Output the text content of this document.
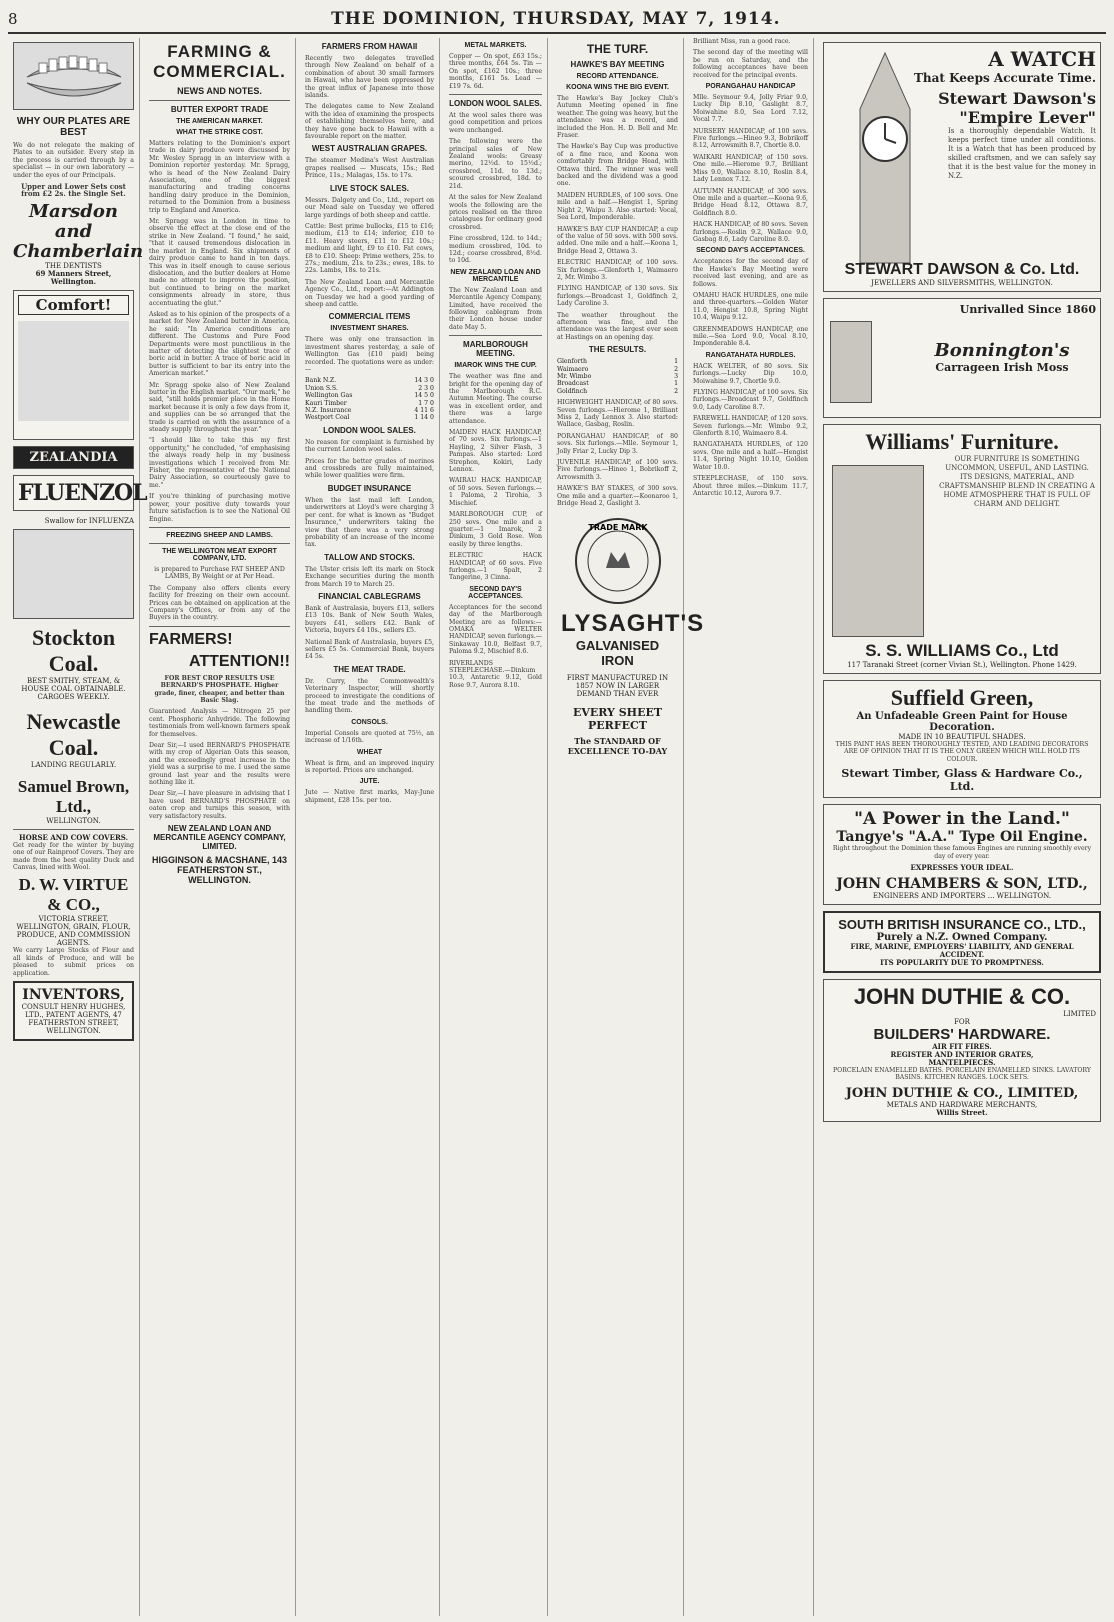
8	THE DOMINION, THURSDAY, MAY 7, 1914.
WHY OUR PLATES ARE BEST

We do not relegate the making of Plates to an outsider. Every step in the process is carried through by a specialist — in our own laboratory — under the eyes of our Principals.

Upper and Lower Sets cost from £2 2s. the Single Set.

Marsdon and Chamberlain
THE DENTISTS
69 Manners Street, Wellington.
Comfort!
ZEALANDIA
FLUENZOL
Swallow for INFLUENZA
Stockton Coal.
BEST SMITHY, STEAM, & HOUSE COAL OBTAINABLE. CARGOES WEEKLY.
Newcastle Coal.
LANDING REGULARLY.
Samuel Brown, Ltd.,
WELLINGTON.
HORSE AND COW COVERS.

Get ready for the winter by buying one of our Rainproof Covers. They are made from the best quality Duck and Canvas, lined with Wool.

D. W. VIRTUE & CO.,
VICTORIA STREET, WELLINGTON, GRAIN, FLOUR, PRODUCE, AND COMMISSION AGENTS.

We carry Large Stocks of Flour and all kinds of Produce, and will be pleased to submit prices on application.

INVENTORS,
CONSULT HENRY HUGHES, LTD., PATENT AGENTS, 47 FEATHERSTON STREET, WELLINGTON.
FARMING & COMMERCIAL.
NEWS AND NOTES.
BUTTER EXPORT TRADE
THE AMERICAN MARKET.
WHAT THE STRIKE COST.

Matters relating to the Dominion's export trade in dairy produce were discussed by Mr. Wesley Spragg in an interview with a Dominion reporter yesterday. Mr. Spragg, who is head of the New Zealand Dairy Association, one of the biggest manufacturing and trading concerns handling dairy produce in the Dominion, returned to the Dominion from a business trip to England and America.

Mr. Spragg was in London in time to observe the effect at the close end of the strike in New Zealand. "I found," he said, "that it caused tremendous dislocation in the market in England. Six shipments of dairy produce came to hand in ten days. This was in itself enough to cause serious dislocation, and the butter dealers at Home made no attempt to improve the position, but continued to bring on the market consignments already in store, thus accentuating the glut."

Asked as to his opinion of the prospects of a market for New Zealand butter in America, he said: "In America conditions are different. The Customs and Pure Food Departments were most punctilious in the matter of detecting the slightest trace of boric acid in butter. A trace of boric acid in butter is sufficient to bar its entry into the American market."

Mr. Spragg spoke also of New Zealand butter in the English market. "Our mark," he said, "still holds premier place in the Home market because it is only a few days from it, and supplies can be so arranged that the trade is carried on with the assurance of a steady supply throughout the year."

"I should like to take this my first opportunity," he concluded, "of emphasising the always ready help in my business investigations which I received from Mr. Fisher, the representative of the National Dairy Association, so courteously gave to me."

If you're thinking of purchasing motive power, your positive duty towards your future satisfaction is to see the National Oil Engine.

FREEZING SHEEP AND LAMBS.
THE WELLINGTON MEAT EXPORT COMPANY, LTD.

is prepared to Purchase FAT SHEEP AND LAMBS, By Weight or at Per Head.

The Company also offers clients every facility for freezing on their own account. Prices can be obtained on application at the Company's Offices, or from any of the Buyers in the country.

FARMERS!
ATTENTION!!

FOR BEST CROP RESULTS USE BERNARD'S PHOSPHATE. Higher grade, finer, cheaper, and better than Basic Slag.

Guaranteed Analysis — Nitrogen 25 per cent. Phosphoric Anhydride. The following testimonials from well-known farmers speak for themselves.

Dear Sir,—I used BERNARD'S PHOSPHATE with my crop of Algerian Oats this season, and the exceedingly great increase in the yield was a surprise to me. I used the same ground last year and the results were nothing like it.

Dear Sir,—I have pleasure in advising that I have used BERNARD'S PHOSPHATE on oaten crop and turnips this season, with very satisfactory results.

NEW ZEALAND LOAN AND MERCANTILE AGENCY COMPANY, LIMITED.
HIGGINSON & MACSHANE, 143 FEATHERSTON ST., WELLINGTON.
FARMERS FROM HAWAII

Recently two delegates travelled through New Zealand on behalf of a combination of about 30 small farmers in Hawaii, who have been oppressed by the great influx of Japanese into those islands.

The delegates came to New Zealand with the idea of examining the prospects of establishing themselves here, and they have gone back to Hawaii with a favourable report on the matter.

WEST AUSTRALIAN GRAPES.

The steamer Medina's West Australian grapes realised — Muscats, 15s.; Red Prince, 11s.; Malagas, 15s. to 17s.

LIVE STOCK SALES.

Messrs. Dalgety and Co., Ltd., report on our Mead sale on Tuesday we offered large yardings of both sheep and cattle.

Cattle: Best prime bullocks, £15 to £16; medium, £13 to £14; inferior, £10 to £11. Heavy steers, £11 to £12 10s.; medium and light, £9 to £10. Fat cows, £8 to £10. Sheep: Prime wethers, 25s. to 27s.; medium, 21s. to 23s.; ewes, 18s. to 22s. Lambs, 18s. to 21s.

The New Zealand Loan and Mercantile Agency Co., Ltd., report:—At Addington on Tuesday we had a good yarding of sheep and cattle.

COMMERCIAL ITEMS
INVESTMENT SHARES.

There was only one transaction in investment shares yesterday, a sale of Wellington Gas (£10 paid) being recorded. The quotations were as under:—

Bank N.Z.	14 3 0
Union S.S.	2 3 0
Wellington Gas	14 5 0
Kauri Timber	1 7 0
N.Z. Insurance	4 11 6
Westport Coal	1 14 0
LONDON WOOL SALES.

No reason for complaint is furnished by the current London wool sales.

Prices for the better grades of merinos and crossbreds are fully maintained, while lower qualities were firm.

BUDGET INSURANCE

When the last mail left London, underwriters at Lloyd's were charging 3 per cent. for what is known as "Budget Insurance," underwriters taking the view that there was a very strong probability of an increase of the income tax.

TALLOW AND STOCKS.

The Ulster crisis left its mark on Stock Exchange securities during the month from March 19 to March 25.

FINANCIAL CABLEGRAMS

Bank of Australasia, buyers £13, sellers £13 10s. Bank of New South Wales, buyers £41, sellers £42. Bank of Victoria, buyers £4 10s., sellers £5.

National Bank of Australasia, buyers £5, sellers £5 5s. Commercial Bank, buyers £4 5s.

THE MEAT TRADE.

Dr. Curry, the Commonwealth's Veterinary Inspector, will shortly proceed to investigate the conditions of the meat trade and the methods of handling them.

CONSOLS.

Imperial Consols are quoted at 75½, an increase of 1/16th.

WHEAT

Wheat is firm, and an improved inquiry is reported. Prices are unchanged.

JUTE.

Jute — Native first marks, May-June shipment, £28 15s. per ton.

METAL MARKETS.

Copper — On spot, £63 15s.; three months, £64 5s. Tin — On spot, £162 10s.; three months, £161 5s. Lead — £19 7s. 6d.

LONDON WOOL SALES.

At the wool sales there was good competition and prices were unchanged.

The following were the principal sales of New Zealand wools: Greasy merino, 12½d. to 15½d.; crossbred, 11d. to 13d.; scoured crossbred, 18d. to 21d.

At the sales for New Zealand wools the following are the prices realised on the three catalogues for ordinary good crossbred.

Fine crossbred, 12d. to 14d.; medium crossbred, 10d. to 12d.; coarse crossbred, 8½d. to 10d.

NEW ZEALAND LOAN AND MERCANTILE

The New Zealand Loan and Mercantile Agency Company, Limited, have received the following cablegram from their London house under date May 5.

MARLBOROUGH MEETING.
IMAROK WINS THE CUP.

The weather was fine and bright for the opening day of the Marlborough R.C. Autumn Meeting. The course was in excellent order, and there was a large attendance.

MAIDEN HACK HANDICAP, of 70 sovs. Six furlongs.—1 Hayling, 2 Silver Flash, 3 Pampas. Also started: Lord Strephon, Kokiri, Lady Lennox.

WAIRAU HACK HANDICAP, of 50 sovs. Seven furlongs.—1 Paloma, 2 Tirohia, 3 Mischief.

MARLBOROUGH CUP, of 250 sovs. One mile and a quarter.—1 Imarok, 2 Dinkum, 3 Gold Rose. Won easily by three lengths.

ELECTRIC HACK HANDICAP, of 60 sovs. Five furlongs.—1 Spalt, 2 Tangerine, 3 Cinna.

SECOND DAY'S ACCEPTANCES.

Acceptances for the second day of the Marlborough Meeting are as follows:— OMAKA WELTER HANDICAP, seven furlongs.—Sinkaway 10.0, Belfast 9.7, Paloma 9.2, Mischief 8.6.

RIVERLANDS STEEPLECHASE.—Dinkum 10.3, Antarctic 9.12, Gold Rose 9.7, Aurora 8.10.

THE TURF.
HAWKE'S BAY MEETING
RECORD ATTENDANCE.
KOONA WINS THE BIG EVENT.

The Hawke's Bay Jockey Club's Autumn Meeting opened in fine weather. The going was heavy, but the attendance was a record, and included the Hon. H. D. Bell and Mr. Fraser.

The Hawke's Bay Cup was productive of a fine race, and Koona won comfortably from Bridge Head, with Ottawa third. The winner was well backed and the dividend was a good one.

MAIDEN HURDLES, of 100 sovs. One mile and a half.—Hengist 1, Spring Night 2, Waipu 3. Also started: Vocal, Sea Lord, Imponderable.

HAWKE'S BAY CUP HANDICAP, a cup of the value of 50 sovs. with 500 sovs. added. One mile and a half.—Koona 1, Bridge Head 2, Ottawa 3.

ELECTRIC HANDICAP, of 100 sovs. Six furlongs.—Glenforth 1, Waimaero 2, Mr. Wimbo 3.

FLYING HANDICAP, of 130 sovs. Six furlongs.—Broadcast 1, Goldfinch 2, Lady Caroline 3.

The weather throughout the afternoon was fine, and the attendance was the largest ever seen at Hastings on an opening day.

THE RESULTS.
Glenforth	1
Waimaero	2
Mr. Wimbo	3
Broadcast	1
Goldfinch	2

HIGHWEIGHT HANDICAP, of 80 sovs. Seven furlongs.—Hierome 1, Brilliant Miss 2, Lady Lennox 3. Also started: Wallace, Gasbag, Roslin.

PORANGAHAU HANDICAP, of 80 sovs. Six furlongs.—Mlle. Seymour 1, Jolly Friar 2, Lucky Dip 3.

JUVENILE HANDICAP, of 100 sovs. Five furlongs.—Hineo 1, Bobrikoff 2, Arrowsmith 3.

HAWKE'S BAY STAKES, of 300 sovs. One mile and a quarter.—Koonaroo 1, Bridge Head 2, Gaslight 3.

TRADE MARK
LYSAGHT'S
GALVANISED
IRON
FIRST MANUFACTURED IN 1857 NOW IN LARGER DEMAND THAN EVER
EVERY SHEET PERFECT
The STANDARD OF EXCELLENCE TO-DAY

Brilliant Miss, ran a good race.

The second day of the meeting will be run on Saturday, and the following acceptances have been received for the principal events.

PORANGAHAU HANDICAP

Mlle. Seymour 9.4, Jolly Friar 9.0, Lucky Dip 8.10, Gaslight 8.7, Moiwahine 8.0, Sea Lord 7.12, Vocal 7.7.

NURSERY HANDICAP, of 100 sovs. Five furlongs.—Hineo 9.3, Bobrikoff 8.12, Arrowsmith 8.7, Chortle 8.0.

WAIKARI HANDICAP, of 150 sovs. One mile.—Hierome 9.7, Brilliant Miss 9.0, Wallace 8.10, Roslin 8.4, Lady Lennox 7.12.

AUTUMN HANDICAP, of 300 sovs. One mile and a quarter.—Koona 9.6, Bridge Head 8.12, Ottawa 8.7, Goldfinch 8.0.

HACK HANDICAP, of 80 sovs. Seven furlongs.—Roslin 9.2, Wallace 9.0, Gasbag 8.6, Lady Caroline 8.0.

SECOND DAY'S ACCEPTANCES.

Acceptances for the second day of the Hawke's Bay Meeting were received last evening, and are as follows.

OMAHU HACK HURDLES, one mile and three-quarters.—Golden Water 11.0, Hengist 10.8, Spring Night 10.4, Waipu 9.12.

GREENMEADOWS HANDICAP, one mile.—Sea Lord 9.0, Vocal 8.10, Imponderable 8.4.

RANGATAHATA HURDLES.

HACK WELTER, of 80 sovs. Six furlongs.—Lucky Dip 10.0, Moiwahine 9.7, Chortle 9.0.

FLYING HANDICAP, of 100 sovs. Six furlongs.—Broadcast 9.7, Goldfinch 9.0, Lady Caroline 8.7.

FAREWELL HANDICAP, of 120 sovs. Seven furlongs.—Mr. Wimbo 9.2, Glenforth 8.10, Waimaero 8.4.

RANGATAHATA HURDLES, of 120 sovs. One mile and a half.—Hengist 11.4, Spring Night 10.10, Golden Water 10.0.

STEEPLECHASE, of 150 sovs. About three miles.—Dinkum 11.7, Antarctic 10.12, Aurora 9.7.

A WATCH
That Keeps Accurate Time.
Stewart Dawson's
"Empire Lever"

Is a thoroughly dependable Watch. It keeps perfect time under all conditions. It is a Watch that has been produced by skilled craftsmen, and we can safely say that it is the best value for the money in N.Z.

STEWART DAWSON & Co. Ltd.
JEWELLERS AND SILVERSMITHS, WELLINGTON.
Unrivalled Since 1860
Bonnington's
Carrageen Irish Moss
Williams' Furniture.

OUR FURNITURE IS SOMETHING UNCOMMON, USEFUL, AND LASTING. ITS DESIGNS, MATERIAL, AND CRAFTSMANSHIP BLEND IN CREATING A HOME ATMOSPHERE THAT IS FULL OF CHARM AND DELIGHT.

S. S. WILLIAMS Co., Ltd
117 Taranaki Street (corner Vivian St.), Wellington. Phone 1429.
Suffield Green,
An Unfadeable Green Paint for House Decoration.
MADE IN 10 BEAUTIFUL SHADES.

THIS PAINT HAS BEEN THOROUGHLY TESTED, AND LEADING DECORATORS ARE OF OPINION THAT IT IS THE ONLY GREEN WHICH WILL HOLD ITS COLOUR.

Stewart Timber, Glass & Hardware Co., Ltd.
"A Power in the Land."
Tangye's "A.A." Type Oil Engine.

Right throughout the Dominion these famous Engines are running smoothly every day of every year.

EXPRESSES YOUR IDEAL.
JOHN CHAMBERS & SON, LTD.,
ENGINEERS AND IMPORTERS ... WELLINGTON.
SOUTH BRITISH INSURANCE CO., LTD.,
Purely a N.Z. Owned Company.
FIRE, MARINE, EMPLOYERS' LIABILITY, AND GENERAL ACCIDENT.
ITS POPULARITY DUE TO PROMPTNESS.
JOHN DUTHIE & CO.
LIMITED
FOR
BUILDERS' HARDWARE.
AIR FIT FIRES.
REGISTER AND INTERIOR GRATES,
MANTELPIECES.

PORCELAIN ENAMELLED BATHS. PORCELAIN ENAMELLED SINKS. LAVATORY BASINS. KITCHEN RANGES. LOCK SETS.

JOHN DUTHIE & CO., LIMITED,
METALS AND HARDWARE MERCHANTS,
Willis Street.
